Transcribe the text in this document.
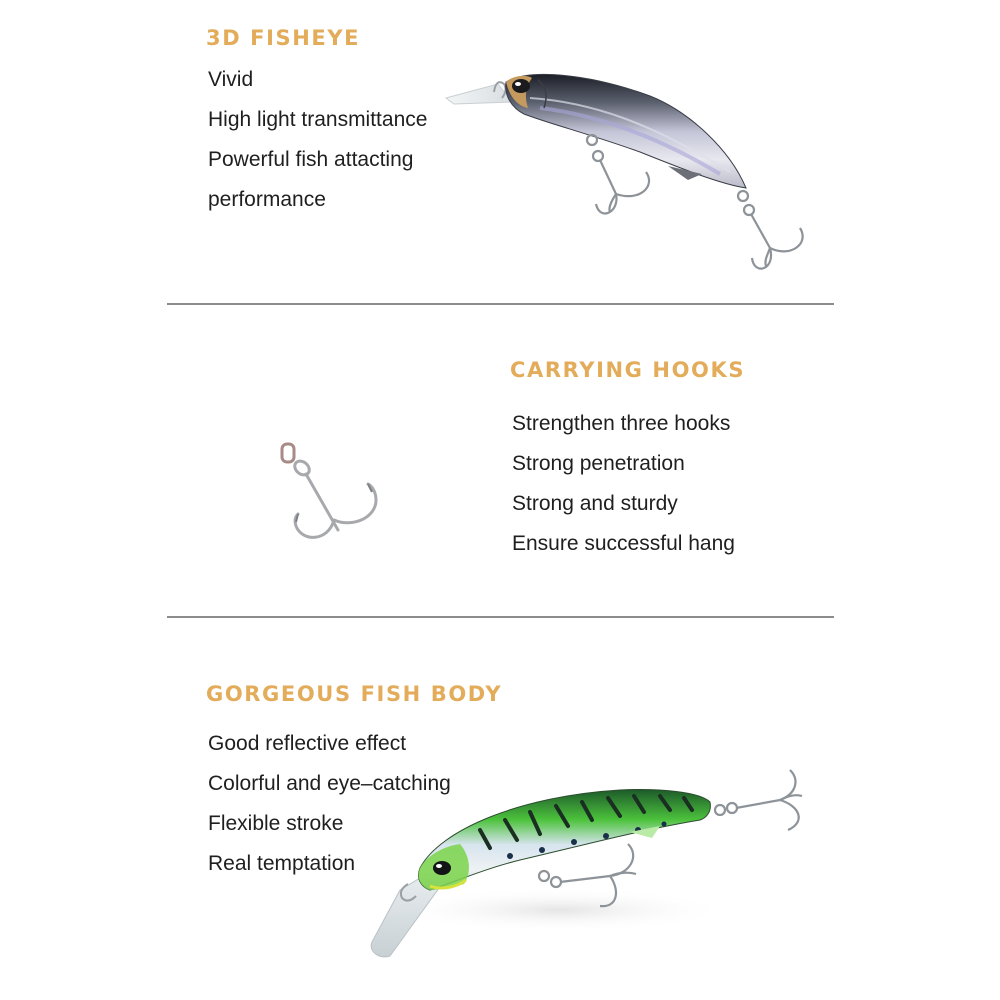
3D FISHEYE
Vivid
High light transmittance
Powerful fish attacting
performance
CARRYING HOOKS
Strengthen three hooks
Strong penetration
Strong and sturdy
Ensure successful hang
GORGEOUS FISH BODY
Good reflective effect
Colorful and eye–catching
Flexible stroke
Real temptation
